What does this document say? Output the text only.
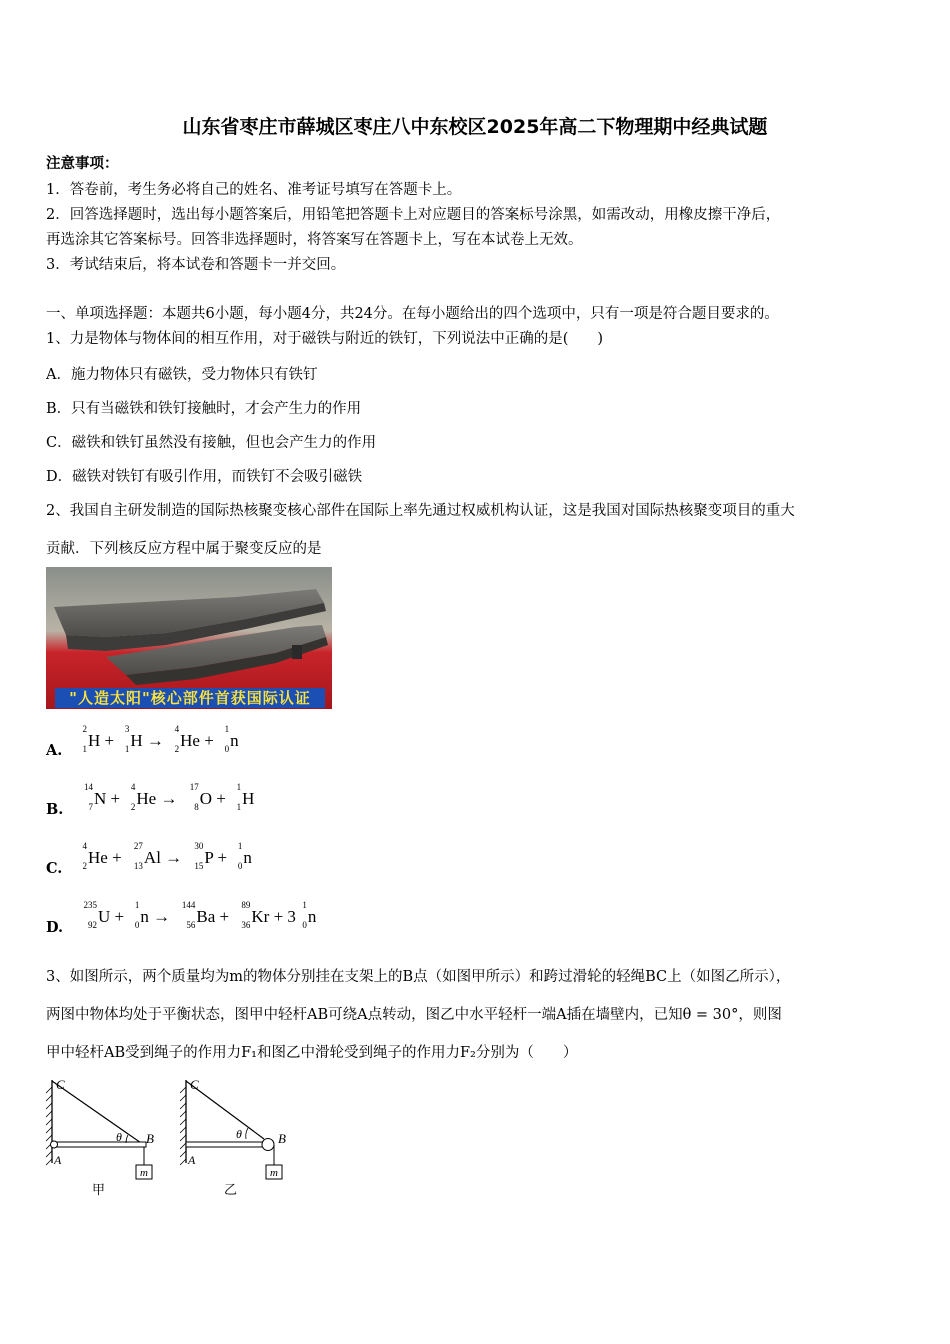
山东省枣庄市薛城区枣庄八中东校区2025年高二下物理期中经典试题
注意事项：
1．答卷前，考生务必将自己的姓名、准考证号填写在答题卡上。
2．回答选择题时，选出每小题答案后，用铅笔把答题卡上对应题目的答案标号涂黑，如需改动，用橡皮擦干净后，
再选涂其它答案标号。回答非选择题时，将答案写在答题卡上，写在本试卷上无效。
3．考试结束后，将本试卷和答题卡一并交回。
一、单项选择题：本题共6小题，每小题4分，共24分。在每小题给出的四个选项中，只有一项是符合题目要求的。
1、力是物体与物体间的相互作用，对于磁铁与附近的铁钉，下列说法中正确的是(　　)
A．施力物体只有磁铁，受力物体只有铁钉
B．只有当磁铁和铁钉接触时，才会产生力的作用
C．磁铁和铁钉虽然没有接触，但也会产生力的作用
D．磁铁对铁钉有吸引作用，而铁钉不会吸引磁铁
2、我国自主研发制造的国际热核聚变核心部件在国际上率先通过权威机构认证，这是我国对国际热核聚变项目的重大
贡献．下列核反应方程中属于聚变反应的是
"人造太阳"核心部件首获国际认证
A.
2
1 H +
3
1 H →
4
2 He +
1
0 n
B.
14
7 N +
4
2 He →
17
8 O +
1
1 H
C.
4
2 He +
27
13 Al →
30
15 P +
1
0 n
D.
235
92 U +
1
0 n →
144
56 Ba +
89
36 Kr + 3
1
0 n
3、如图所示，两个质量均为m的物体分别挂在支架上的B点（如图甲所示）和跨过滑轮的轻绳BC上（如图乙所示），
两图中物体均处于平衡状态，图甲中轻杆AB可绕A点转动，图乙中水平轻杆一端A插在墙壁内，已知θ = 30°，则图
甲中轻杆AB受到绳子的作用力F₁和图乙中滑轮受到绳子的作用力F₂分别为（　　）
C
A
B
θ
m
甲
C
A
B
θ
m
乙
